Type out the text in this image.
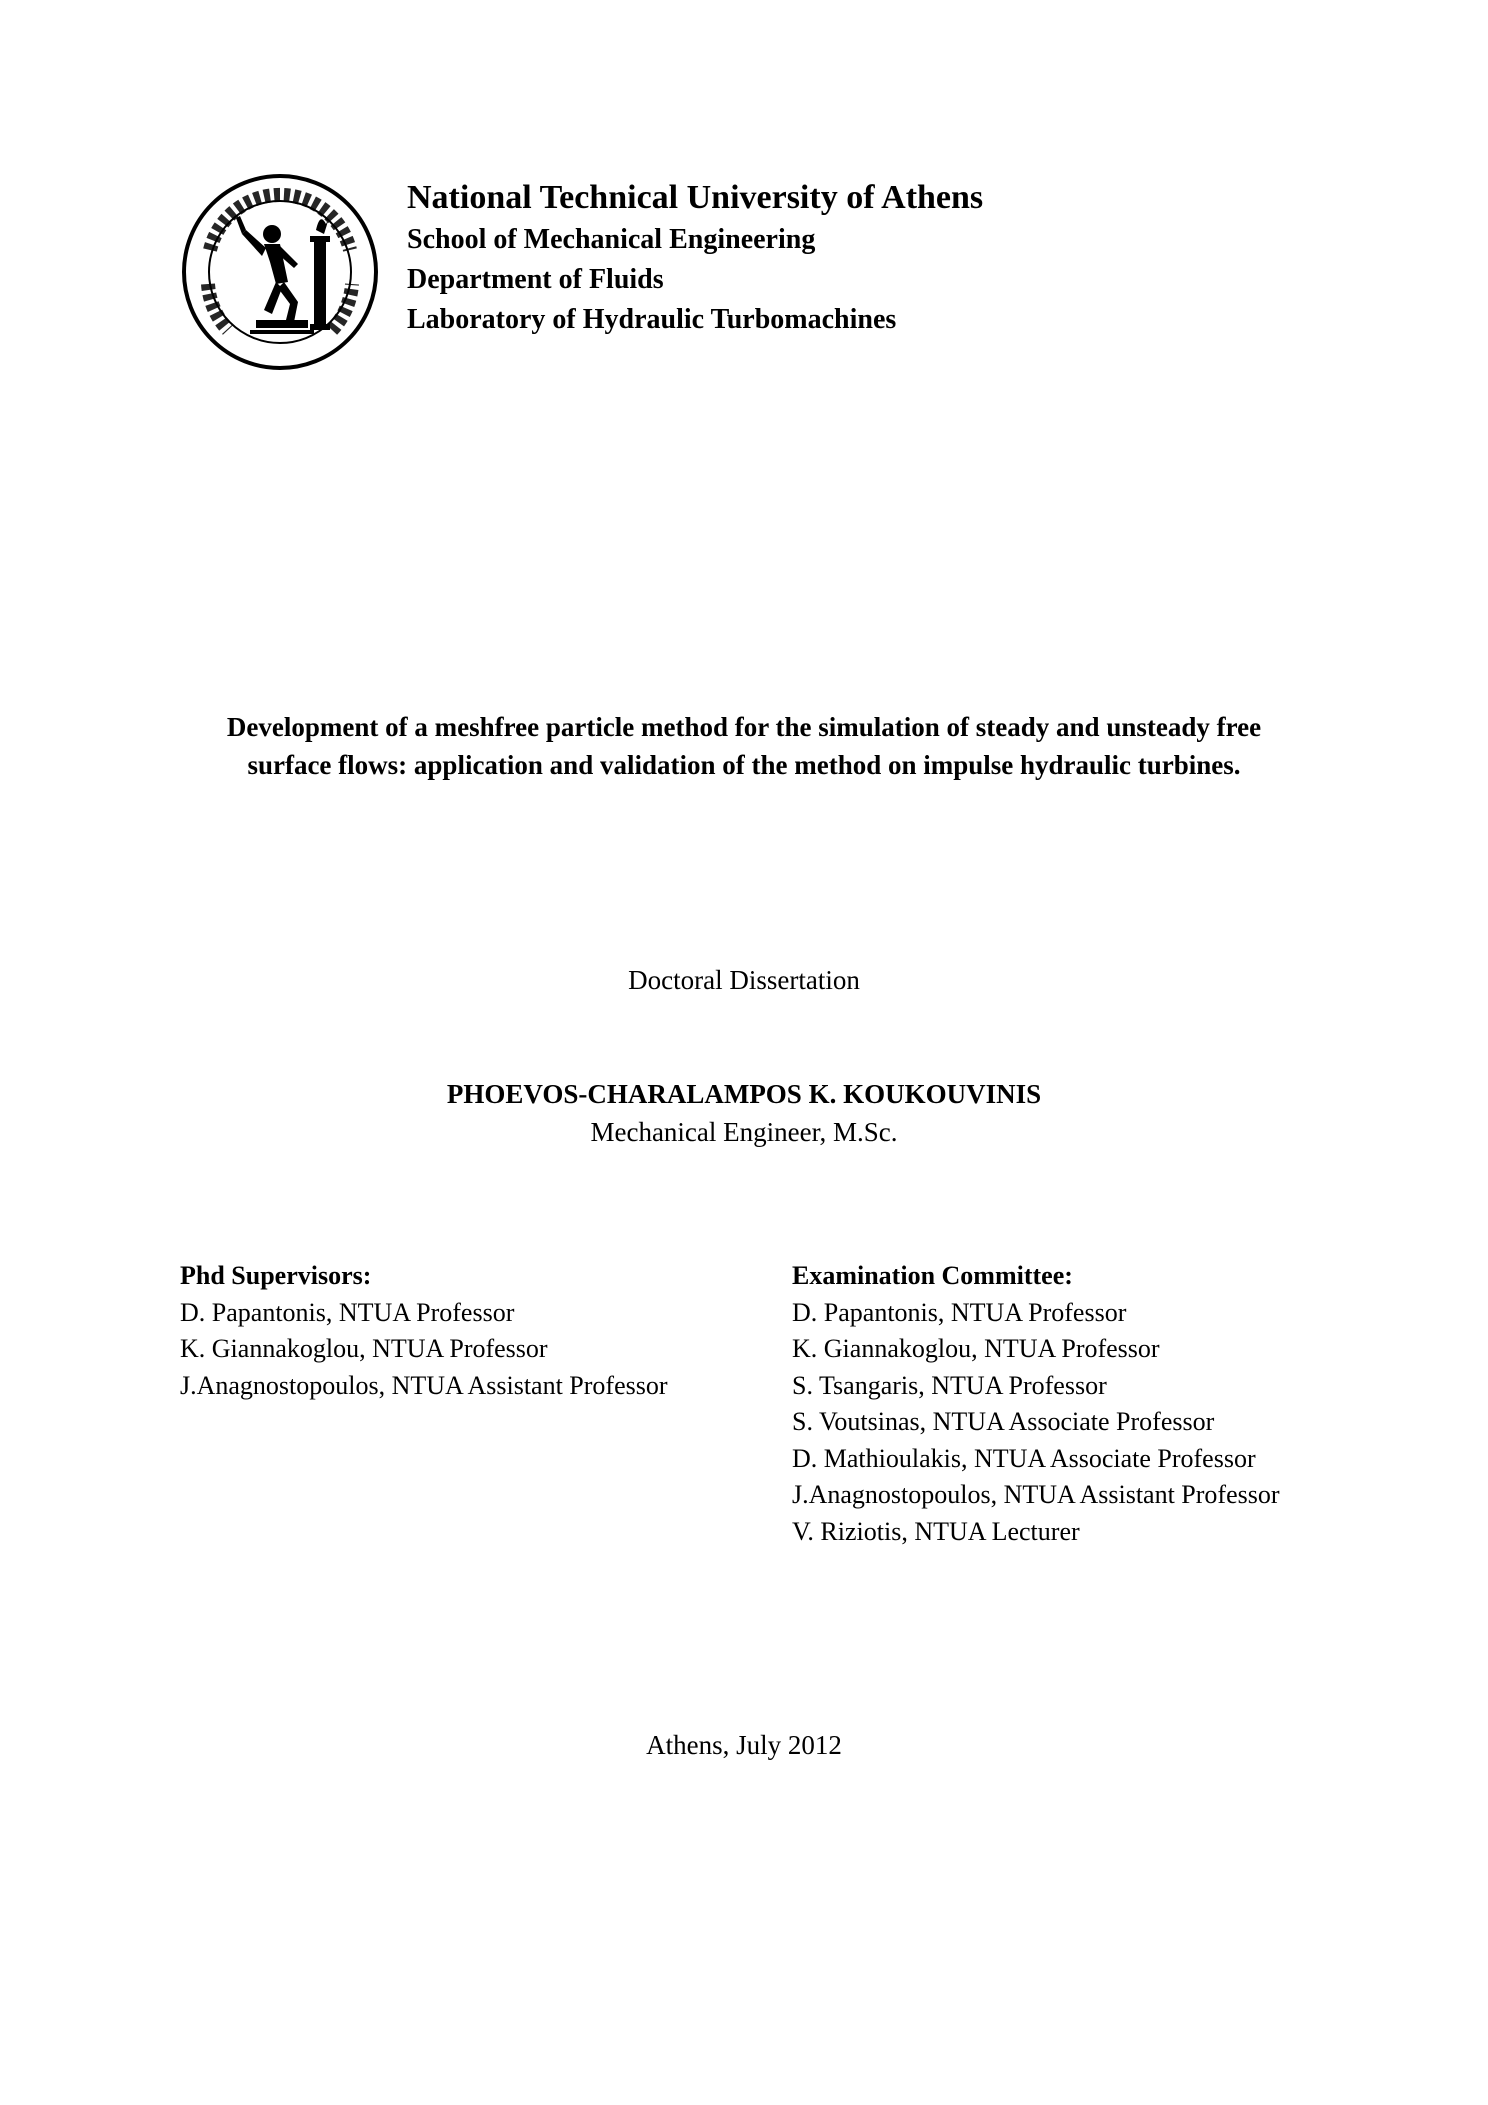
National Technical University of Athens

School of Mechanical Engineering

Department of Fluids

Laboratory of Hydraulic Turbomachines

Development of a meshfree particle method for the simulation of steady and unsteady free
surface flows: application and validation of the method on impulse hydraulic turbines.
Doctoral Dissertation
PHOEVOS-CHARALAMPOS K. KOUKOUVINIS
Mechanical Engineer, M.Sc.
Phd Supervisors:
D. Papantonis, NTUA Professor
K. Giannakoglou, NTUA Professor
J.Anagnostopoulos, NTUA Assistant Professor
Examination Committee:
D. Papantonis, NTUA Professor
K. Giannakoglou, NTUA Professor
S. Tsangaris, NTUA Professor
S. Voutsinas, NTUA Associate Professor
D. Mathioulakis, NTUA Associate Professor
J.Anagnostopoulos, NTUA Assistant Professor
V. Riziotis, NTUA Lecturer
Athens, July 2012
